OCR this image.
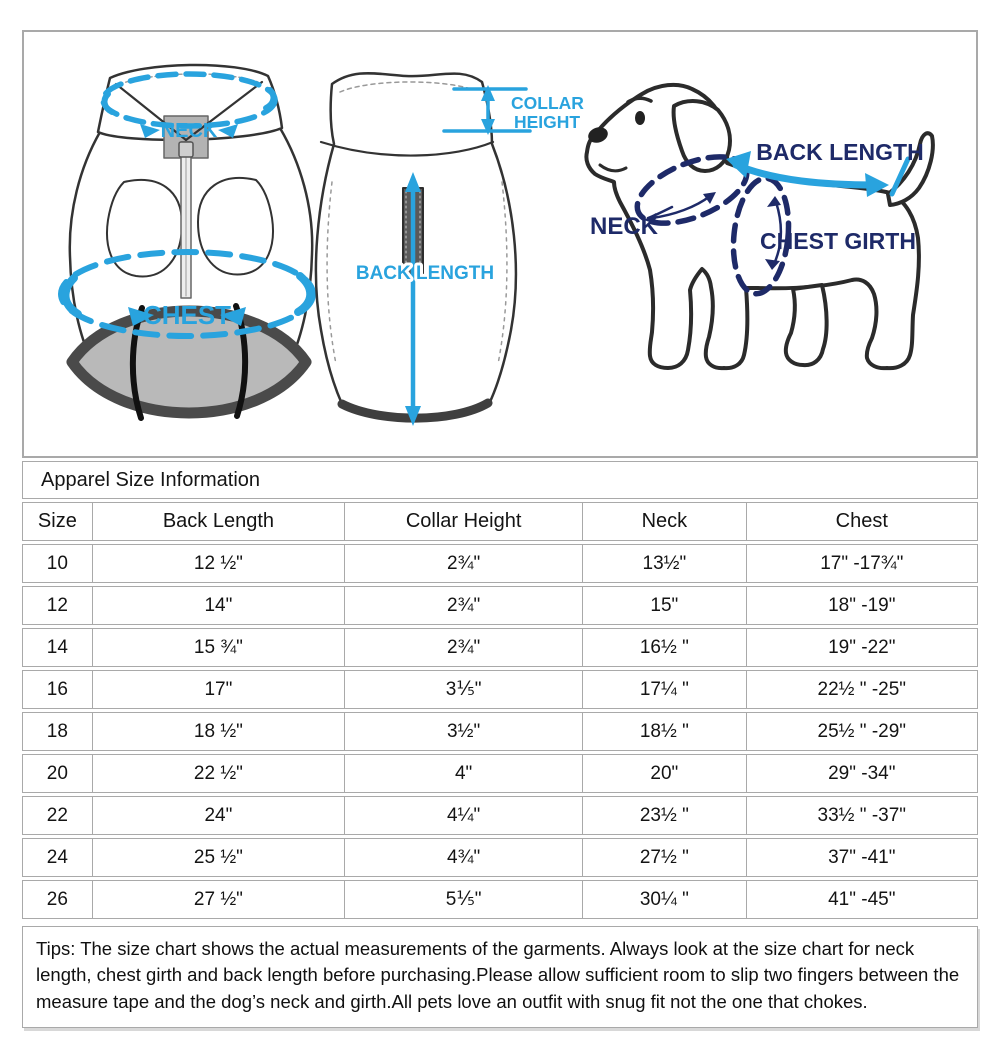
NECK
CHEST
BACK LENGTH
COLLAR
HEIGHT
BACK LENGTH
NECK
CHEST GIRTH
Apparel Size Information
Size	Back Length	Collar Height	Neck	Chest
10	12 ½"	2¾"	13½"	17" -17¾"
12	14"	2¾"	15"	18" -19"
14	15 ¾"	2¾"	16½ "	19" -22"
16	17"	3⅕"	17¼ "	22½ " -25"
18	18 ½"	3½"	18½ "	25½ " -29"
20	22 ½"	4"	20"	29" -34"
22	24"	4¼"	23½ "	33½ " -37"
24	25 ½"	4¾"	27½ "	37" -41"
26	27 ½"	5⅕"	30¼ "	41" -45"
Tips: The size chart shows the actual measurements of the garments. Always look at the size chart for neck length, chest girth and back length before purchasing.Please allow sufficient room to slip two fingers between the measure tape and the dog’s neck and girth.All pets love an outfit with snug fit not the one that chokes.
